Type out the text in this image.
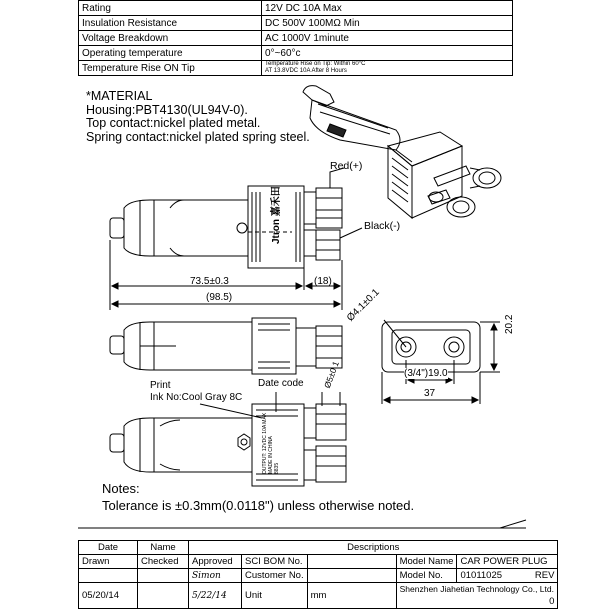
Rating	12V DC 10A Max
Insulation Resistance	DC 500V 100MΩ Min
Voltage Breakdown	AC 1000V 1minute
Operating temperature	0°~60°c
Temperature Rise ON Tip	Temperature Rise on Tip: Within 60°C
AT 13.8VDC 10A After 8 Hours
*MATERIAL
Housing:PBT4130(UL94V-0).
Top contact:nickel plated metal.
Spring contact:nickel plated spring steel.
Red(+)
Black(-)
73.5±0.3	(18)
(98.5)	Ø4.1±0.1
20.2
(3/4")19.0
37
Ø5±0.1
Print
Ink No:Cool Gray 8C
Date code
Jtron 嘉禾田
OUTPUT: 12VDC 10A MAX MADE IN CHINA 8835
Notes:
Tolerance is ±0.3mm(0.0118") unless otherwise noted.
Date	Name	Descriptions				
Drawn	Checked	Approved	SCI BOM No.		Model Name	CAR POWER PLUG
		Simon	Customer No.		Model No.	01011025 REV

05/20/14		5/22/14	Unit	mm	Shenzhen Jiahetian Technology Co., Ltd.
0	
